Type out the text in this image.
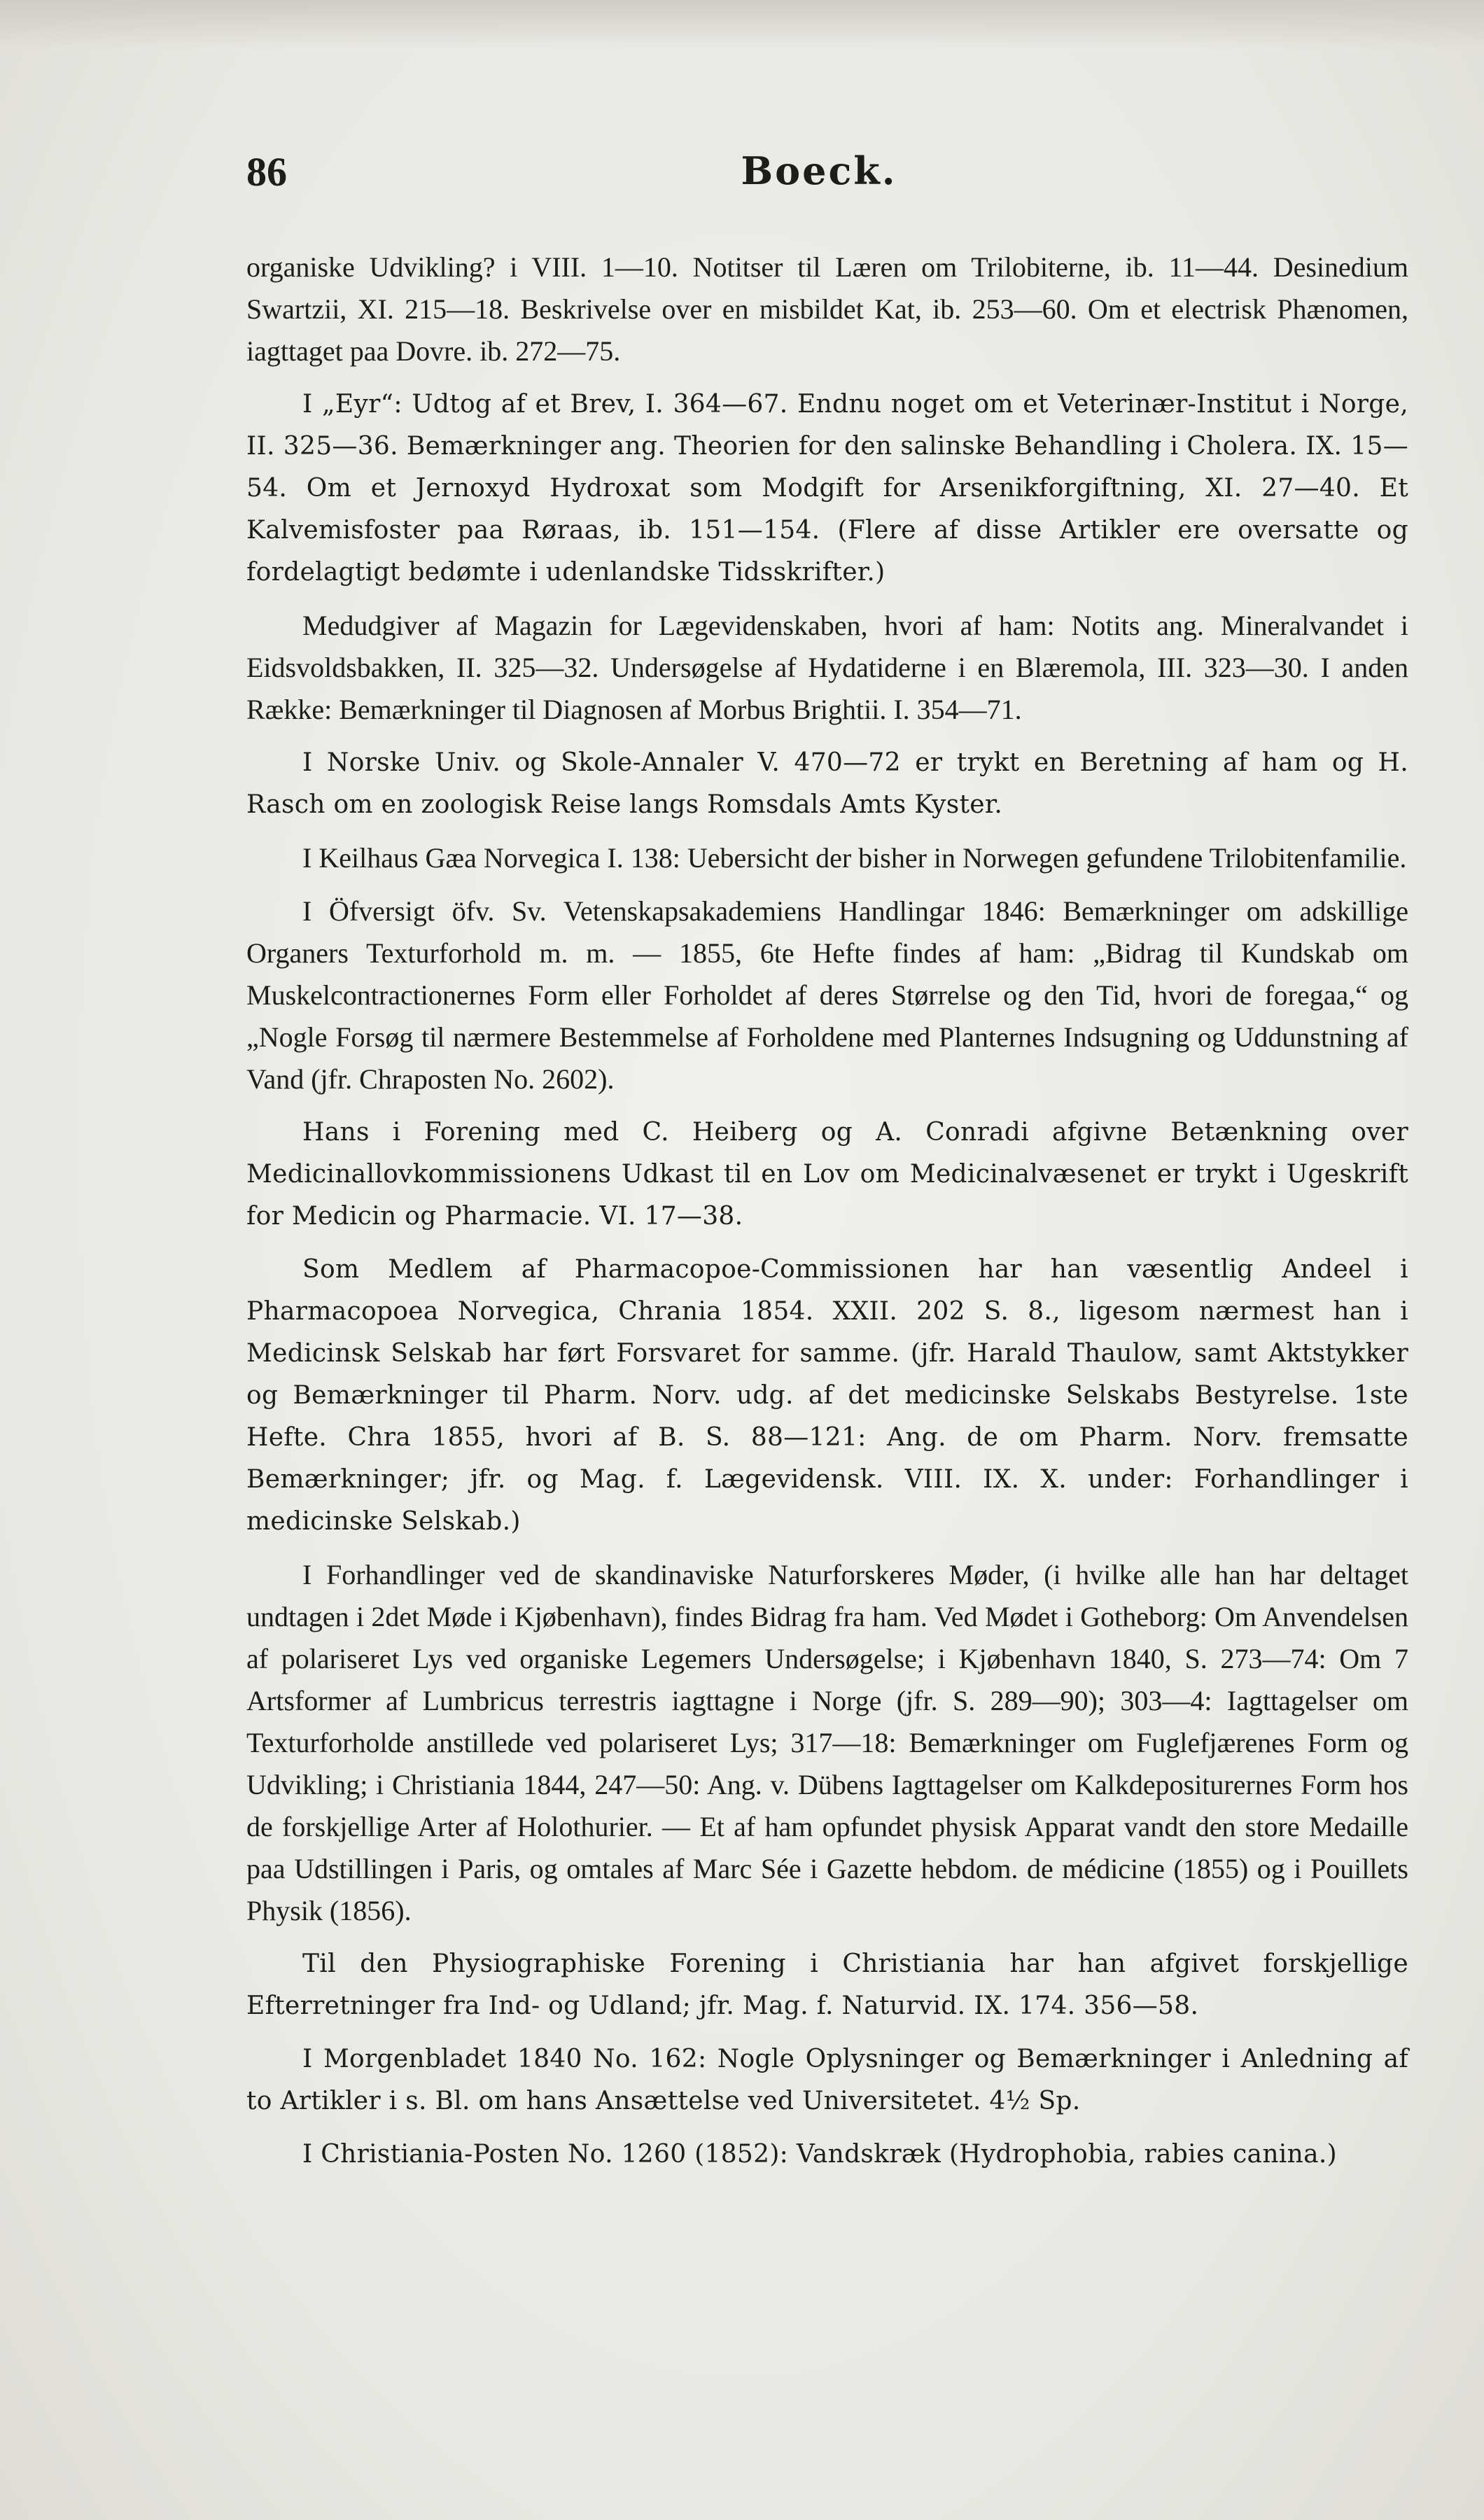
86	Boeck.

organiske Udvikling? i VIII. 1—10. Notitser til Læren om Trilobiterne, ib. 11—44. Desinedium Swartzii, XI. 215—18. Beskrivelse over en misbildet Kat, ib. 253—60. Om et electrisk Phænomen, iagttaget paa Dovre. ib. 272—75.

I „Eyr“: Udtog af et Brev, I. 364—67. Endnu noget om et Veterinær-Institut i Norge, II. 325—36. Bemærkninger ang. Theorien for den salinske Behandling i Cholera. IX. 15—54. Om et Jernoxyd Hydroxat som Modgift for Arsenikforgiftning, XI. 27—40. Et Kalvemisfoster paa Røraas, ib. 151—154. (Flere af disse Artikler ere oversatte og fordelagtigt bedømte i udenlandske Tidsskrifter.)

Medudgiver af Magazin for Lægevidenskaben, hvori af ham: Notits ang. Mineralvandet i Eidsvoldsbakken, II. 325—32. Undersøgelse af Hydatiderne i en Blæremola, III. 323—30. I anden Række: Bemærkninger til Diagnosen af Morbus Brightii. I. 354—71.

I Norske Univ. og Skole-Annaler V. 470—72 er trykt en Beretning af ham og H. Rasch om en zoologisk Reise langs Romsdals Amts Kyster.

I Keilhaus Gæa Norvegica I. 138: Uebersicht der bisher in Norwegen gefundene Trilobitenfamilie.

I Öfversigt öfv. Sv. Vetenskapsakademiens Handlingar 1846: Bemærkninger om adskillige Organers Texturforhold m. m. — 1855, 6te Hefte findes af ham: „Bidrag til Kundskab om Muskelcontractionernes Form eller Forholdet af deres Størrelse og den Tid, hvori de foregaa,“ og „Nogle Forsøg til nærmere Bestemmelse af Forholdene med Planternes Indsugning og Uddunstning af Vand (jfr. Chraposten No. 2602).

Hans i Forening med C. Heiberg og A. Conradi afgivne Betænkning over Medicinallovkommissionens Udkast til en Lov om Medicinalvæsenet er trykt i Ugeskrift for Medicin og Pharmacie. VI. 17—38.

Som Medlem af Pharmacopoe-Commissionen har han væsentlig Andeel i Pharmacopoea Norvegica, Chrania 1854. XXII. 202 S. 8., ligesom nærmest han i Medicinsk Selskab har ført Forsvaret for samme. (jfr. Harald Thaulow, samt Aktstykker og Bemærkninger til Pharm. Norv. udg. af det medicinske Selskabs Bestyrelse. 1ste Hefte. Chra 1855, hvori af B. S. 88—121: Ang. de om Pharm. Norv. fremsatte Bemærkninger; jfr. og Mag. f. Lægevidensk. VIII. IX. X. under: Forhandlinger i medicinske Selskab.)

I Forhandlinger ved de skandinaviske Naturforskeres Møder, (i hvilke alle han har deltaget undtagen i 2det Møde i Kjøbenhavn), findes Bidrag fra ham. Ved Mødet i Gotheborg: Om Anvendelsen af polariseret Lys ved organiske Legemers Undersøgelse; i Kjøbenhavn 1840, S. 273—74: Om 7 Artsformer af Lumbricus terrestris iagttagne i Norge (jfr. S. 289—90); 303—4: Iagttagelser om Texturforholde anstillede ved polariseret Lys; 317—18: Bemærkninger om Fuglefjærenes Form og Udvikling; i Christiania 1844, 247—50: Ang. v. Dübens Iagttagelser om Kalkdepositurernes Form hos de forskjellige Arter af Holothurier. — Et af ham opfundet physisk Apparat vandt den store Medaille paa Udstillingen i Paris, og omtales af Marc Sée i Gazette hebdom. de médicine (1855) og i Pouillets Physik (1856).

Til den Physiographiske Forening i Christiania har han afgivet forskjellige Efterretninger fra Ind- og Udland; jfr. Mag. f. Naturvid. IX. 174. 356—58.

I Morgenbladet 1840 No. 162: Nogle Oplysninger og Bemærkninger i Anledning af to Artikler i s. Bl. om hans Ansættelse ved Universitetet. 4½ Sp.

I Christiania-Posten No. 1260 (1852): Vandskræk (Hydrophobia, rabies canina.)
